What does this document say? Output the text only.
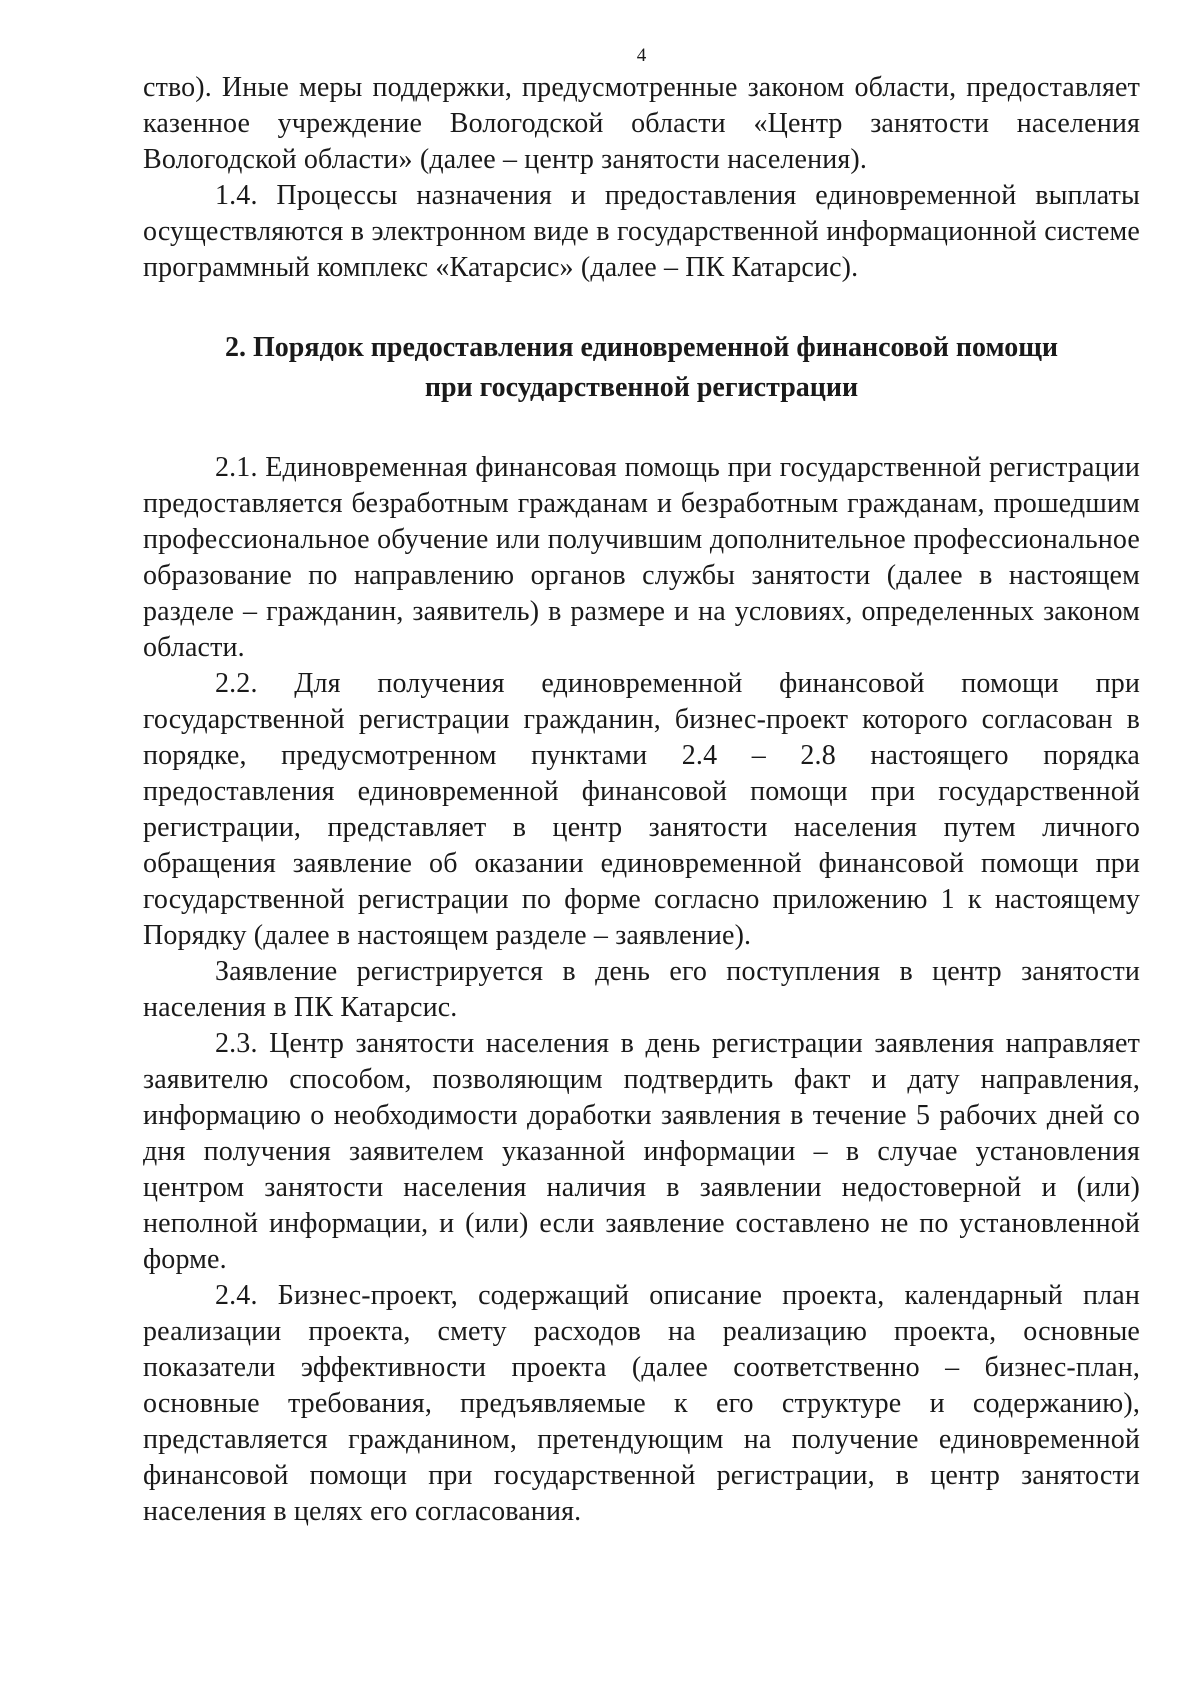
4

ство). Иные меры поддержки, предусмотренные законом области, предоставляет казенное учреждение Вологодской области «Центр занятости населения Вологодской области» (далее – центр занятости населения).

1.4. Процессы назначения и предоставления единовременной выплаты осуществляются в электронном виде в государственной информационной системе программный комплекс «Катарсис» (далее – ПК Катарсис).

2. Порядок предоставления единовременной финансовой помощи
при государственной регистрации

2.1. Единовременная финансовая помощь при государственной регистрации предоставляется безработным гражданам и безработным гражданам, прошедшим профессиональное обучение или получившим дополнительное профессиональное образование по направлению органов службы занятости (далее в настоящем разделе – гражданин, заявитель) в размере и на условиях, определенных законом области.

2.2. Для получения единовременной финансовой помощи при государственной регистрации гражданин, бизнес-проект которого согласован в порядке, предусмотренном пунктами 2.4 – 2.8 настоящего порядка предоставления единовременной финансовой помощи при государственной регистрации, представляет в центр занятости населения путем личного обращения заявление об оказании единовременной финансовой помощи при государственной регистрации по форме согласно приложению 1 к настоящему Порядку (далее в настоящем разделе – заявление).

Заявление регистрируется в день его поступления в центр занятости населения в ПК Катарсис.

2.3. Центр занятости населения в день регистрации заявления направляет заявителю способом, позволяющим подтвердить факт и дату направления, информацию о необходимости доработки заявления в течение 5 рабочих дней со дня получения заявителем указанной информации – в случае установления центром занятости населения наличия в заявлении недостоверной и (или) неполной информации, и (или) если заявление составлено не по установленной форме.

2.4. Бизнес-проект, содержащий описание проекта, календарный план реализации проекта, смету расходов на реализацию проекта, основные показатели эффективности проекта (далее соответственно – бизнес-план, основные требования, предъявляемые к его структуре и содержанию), представляется гражданином, претендующим на получение единовременной финансовой помощи при государственной регистрации, в центр занятости населения в целях его согласования.
